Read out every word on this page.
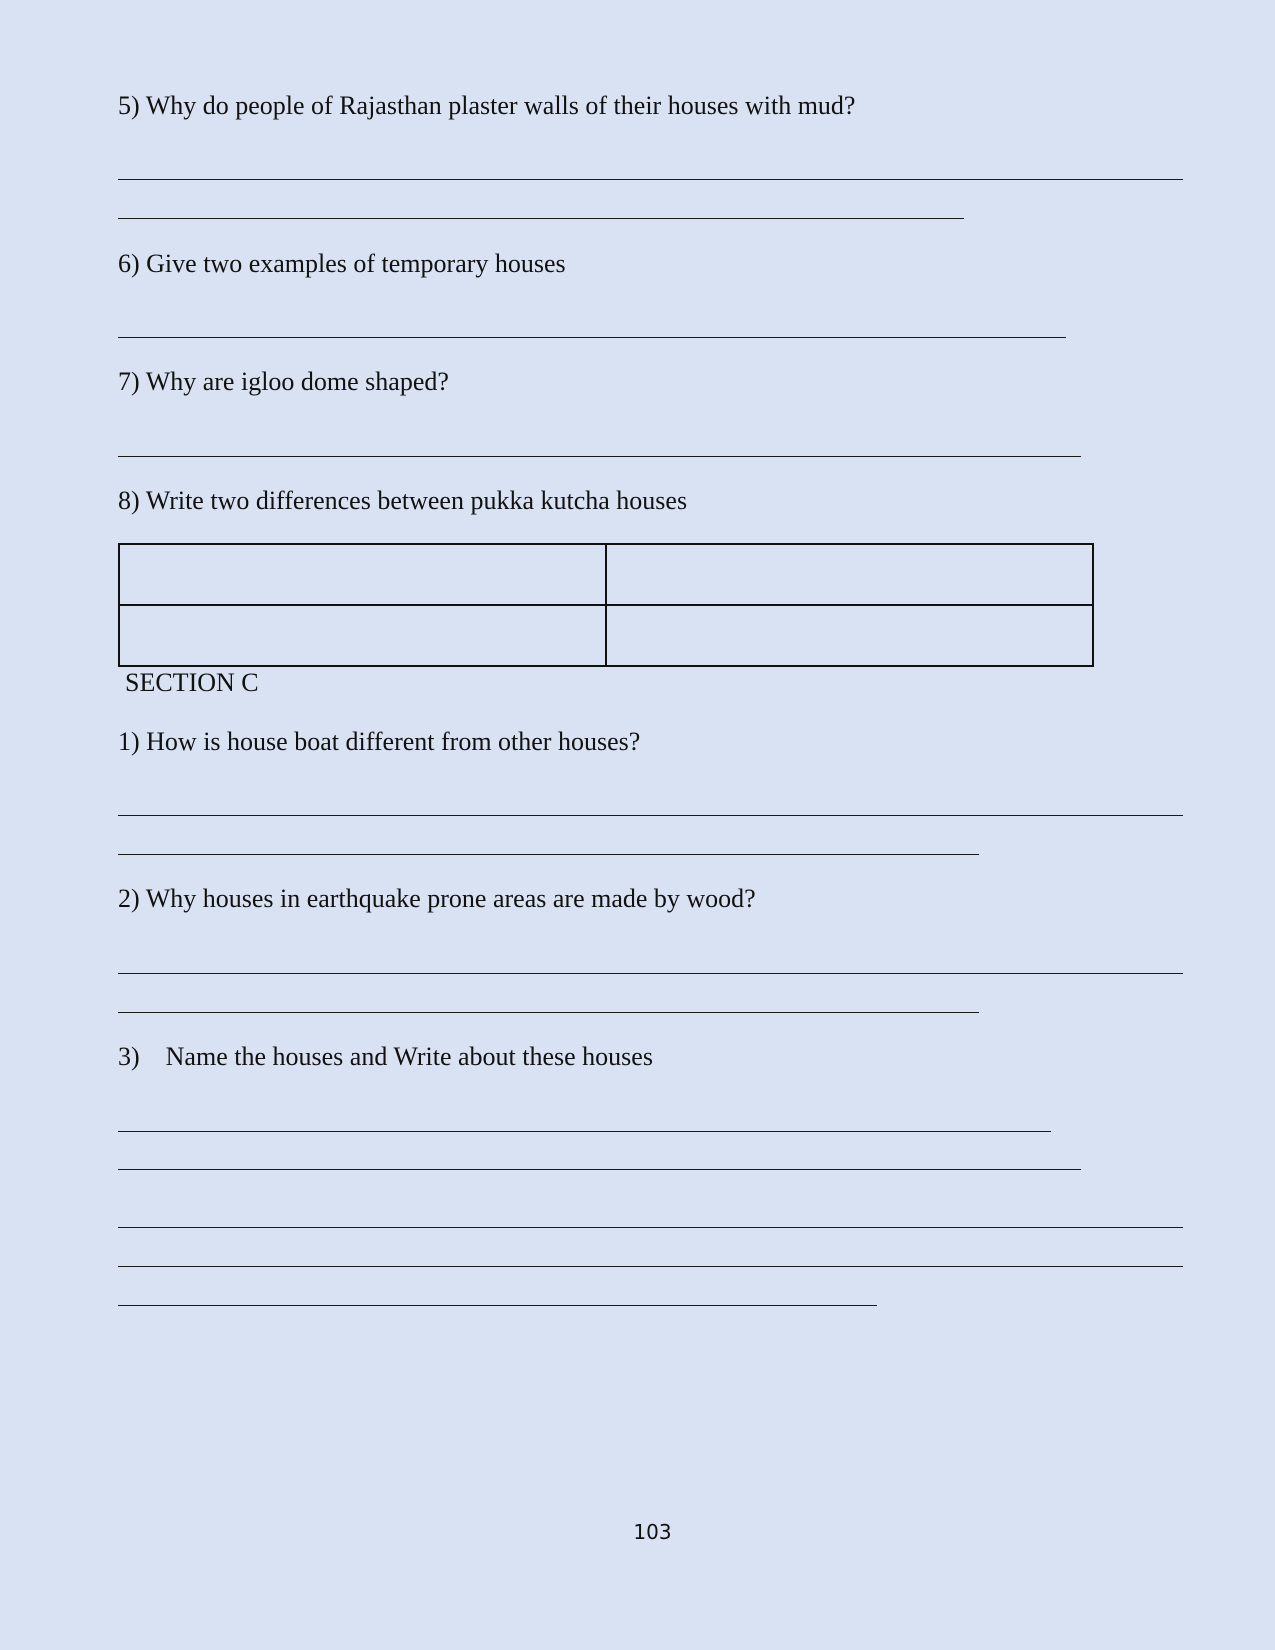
5) Why do people of Rajasthan plaster walls of their houses with mud?

6) Give two examples of temporary houses

7) Why are igloo dome shaped?

8) Write two differences between pukka kutcha houses

SECTION C

1) How is house boat different from other houses?

2) Why houses in earthquake prone areas are made by wood?

3)    Name the houses and Write about these houses

103
